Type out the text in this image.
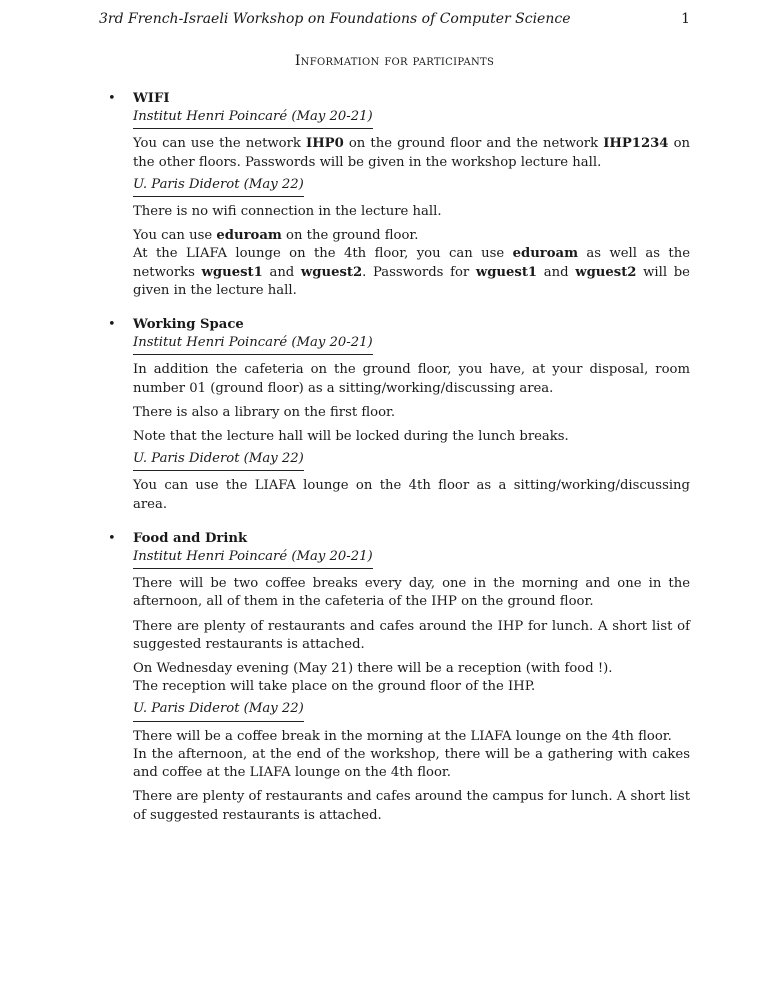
3rd French-Israeli Workshop on Foundations of Computer Science	1
Information for participants
• WIFI
Institut Henri Poincaré (May 20-21)

You can use the network IHP0 on the ground floor and the network IHP1234 on the other floors. Passwords will be given in the workshop lecture hall.

U. Paris Diderot (May 22)

There is no wifi connection in the lecture hall.

You can use eduroam on the ground floor.
At the LIAFA lounge on the 4th floor, you can use eduroam as well as the networks wguest1 and wguest2. Passwords for wguest1 and wguest2 will be given in the lecture hall.

• Working Space
Institut Henri Poincaré (May 20-21)

In addition the cafeteria on the ground floor, you have, at your disposal, room number 01 (ground floor) as a sitting/working/discussing area.

There is also a library on the first floor.

Note that the lecture hall will be locked during the lunch breaks.

U. Paris Diderot (May 22)

You can use the LIAFA lounge on the 4th floor as a sitting/working/discussing area.

• Food and Drink
Institut Henri Poincaré (May 20-21)

There will be two coffee breaks every day, one in the morning and one in the afternoon, all of them in the cafeteria of the IHP on the ground floor.

There are plenty of restaurants and cafes around the IHP for lunch. A short list of suggested restaurants is attached.

On Wednesday evening (May 21) there will be a reception (with food !).
The reception will take place on the ground floor of the IHP.

U. Paris Diderot (May 22)

There will be a coffee break in the morning at the LIAFA lounge on the 4th floor.
In the afternoon, at the end of the workshop, there will be a gathering with cakes and coffee at the LIAFA lounge on the 4th floor.

There are plenty of restaurants and cafes around the campus for lunch. A short list of suggested restaurants is attached.
